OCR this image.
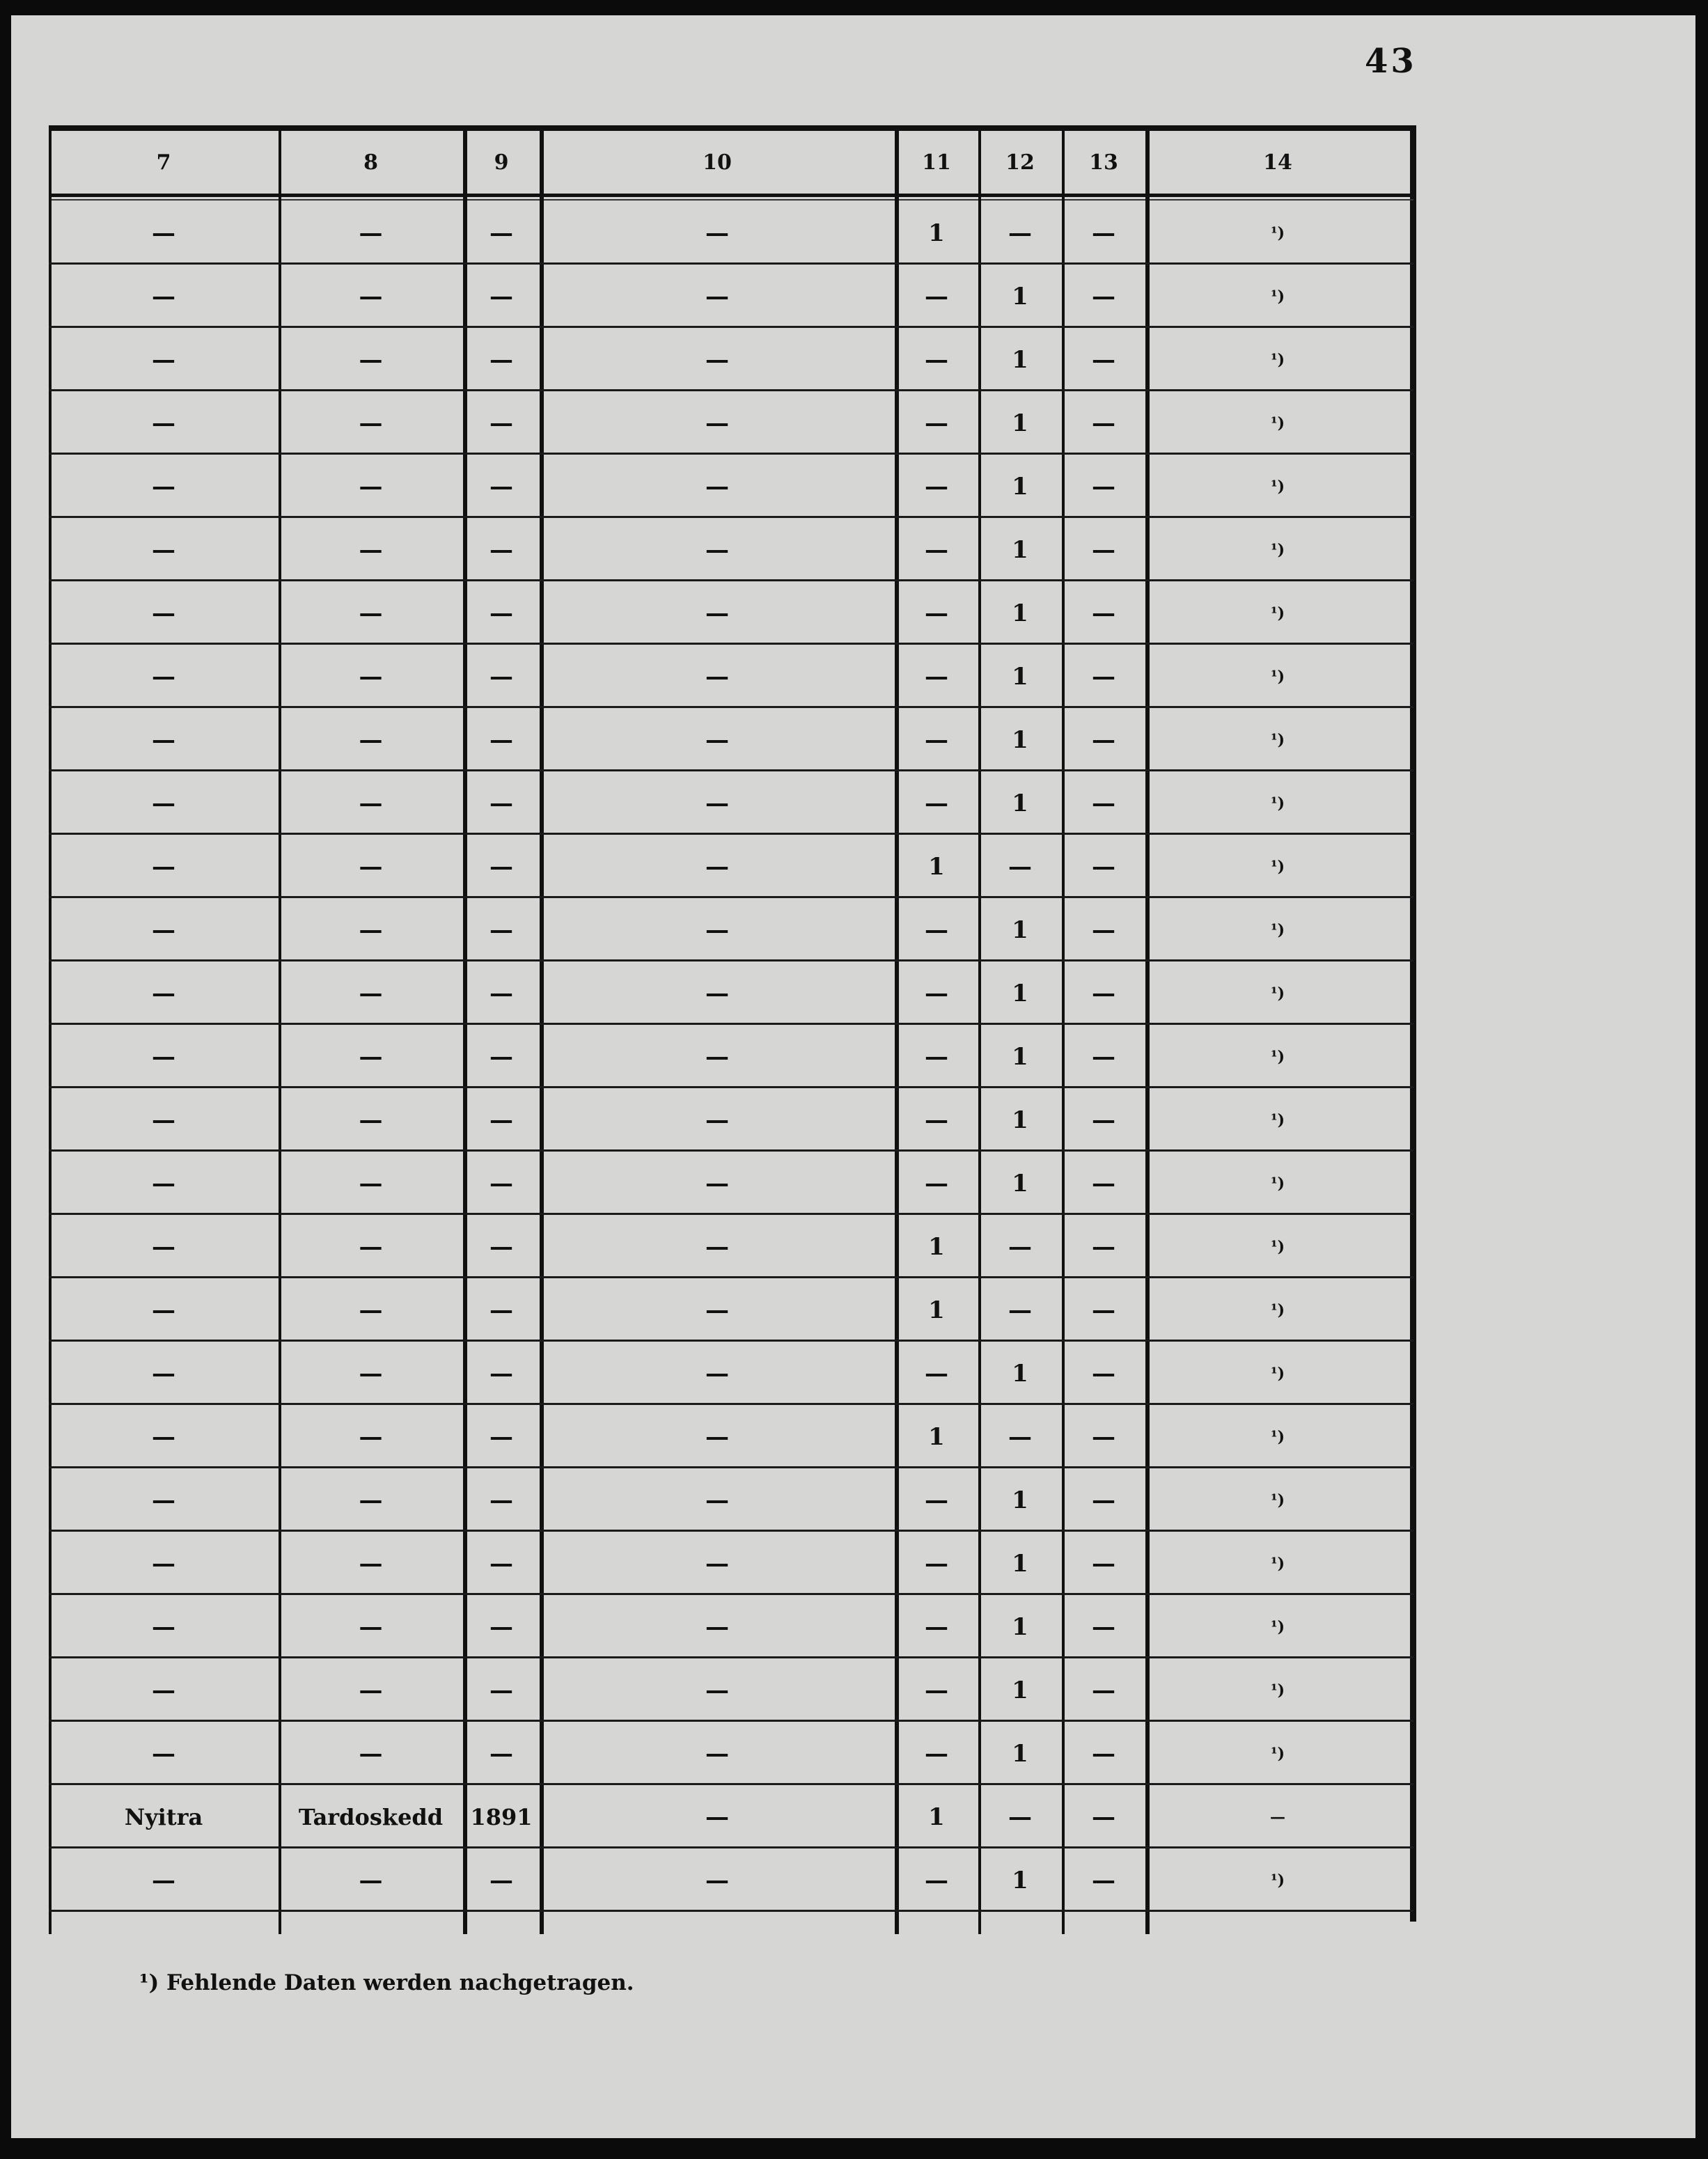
43
7	8	9	10	11	12	13	14
—	—	—	—	1	—	—	¹)
—	—	—	—	—	1	—	¹)
—	—	—	—	—	1	—	¹)
—	—	—	—	—	1	—	¹)
—	—	—	—	—	1	—	¹)
—	—	—	—	—	1	—	¹)
—	—	—	—	—	1	—	¹)
—	—	—	—	—	1	—	¹)
—	—	—	—	—	1	—	¹)
—	—	—	—	—	1	—	¹)
—	—	—	—	1	—	—	¹)
—	—	—	—	—	1	—	¹)
—	—	—	—	—	1	—	¹)
—	—	—	—	—	1	—	¹)
—	—	—	—	—	1	—	¹)
—	—	—	—	—	1	—	¹)
—	—	—	—	1	—	—	¹)
—	—	—	—	1	—	—	¹)
—	—	—	—	—	1	—	¹)
—	—	—	—	1	—	—	¹)
—	—	—	—	—	1	—	¹)
—	—	—	—	—	1	—	¹)
—	—	—	—	—	1	—	¹)
—	—	—	—	—	1	—	¹)
—	—	—	—	—	1	—	¹)
Nyitra	Tardoskedd	1891	—	1	—	—	—
—	—	—	—	—	1	—	¹)
¹) Fehlende Daten werden nachgetragen.
